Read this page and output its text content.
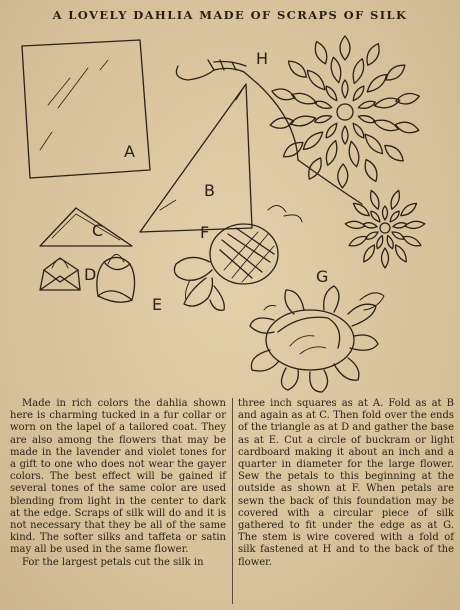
A LOVELY DAHLIA MADE OF SCRAPS OF SILK
A
B
C
D
E
F
G
H

Made in rich colors the dahlia shown here is charming tucked in a fur collar or worn on the lapel of a tailored coat. They are also among the flowers that may be made in the lavender and violet tones for a gift to one who does not wear the gayer colors. The best effect will be gained if several tones of the same color are used blending from light in the center to dark at the edge. Scraps of silk will do and it is not necessary that they be all of the same kind. The softer silks and taffeta or satin may all be used in the same flower.

For the largest petals cut the silk in

three inch squares as at A. Fold as at B and again as at C. Then fold over the ends of the triangle as at D and gather the base as at E. Cut a circle of buckram or light cardboard making it about an inch and a quarter in diameter for the large flower. Sew the petals to this beginning at the outside as shown at F. When petals are sewn the back of this foundation may be covered with a circular piece of silk gathered to fit under the edge as at G. The stem is wire covered with a fold of silk fastened at H and to the back of the flower.
